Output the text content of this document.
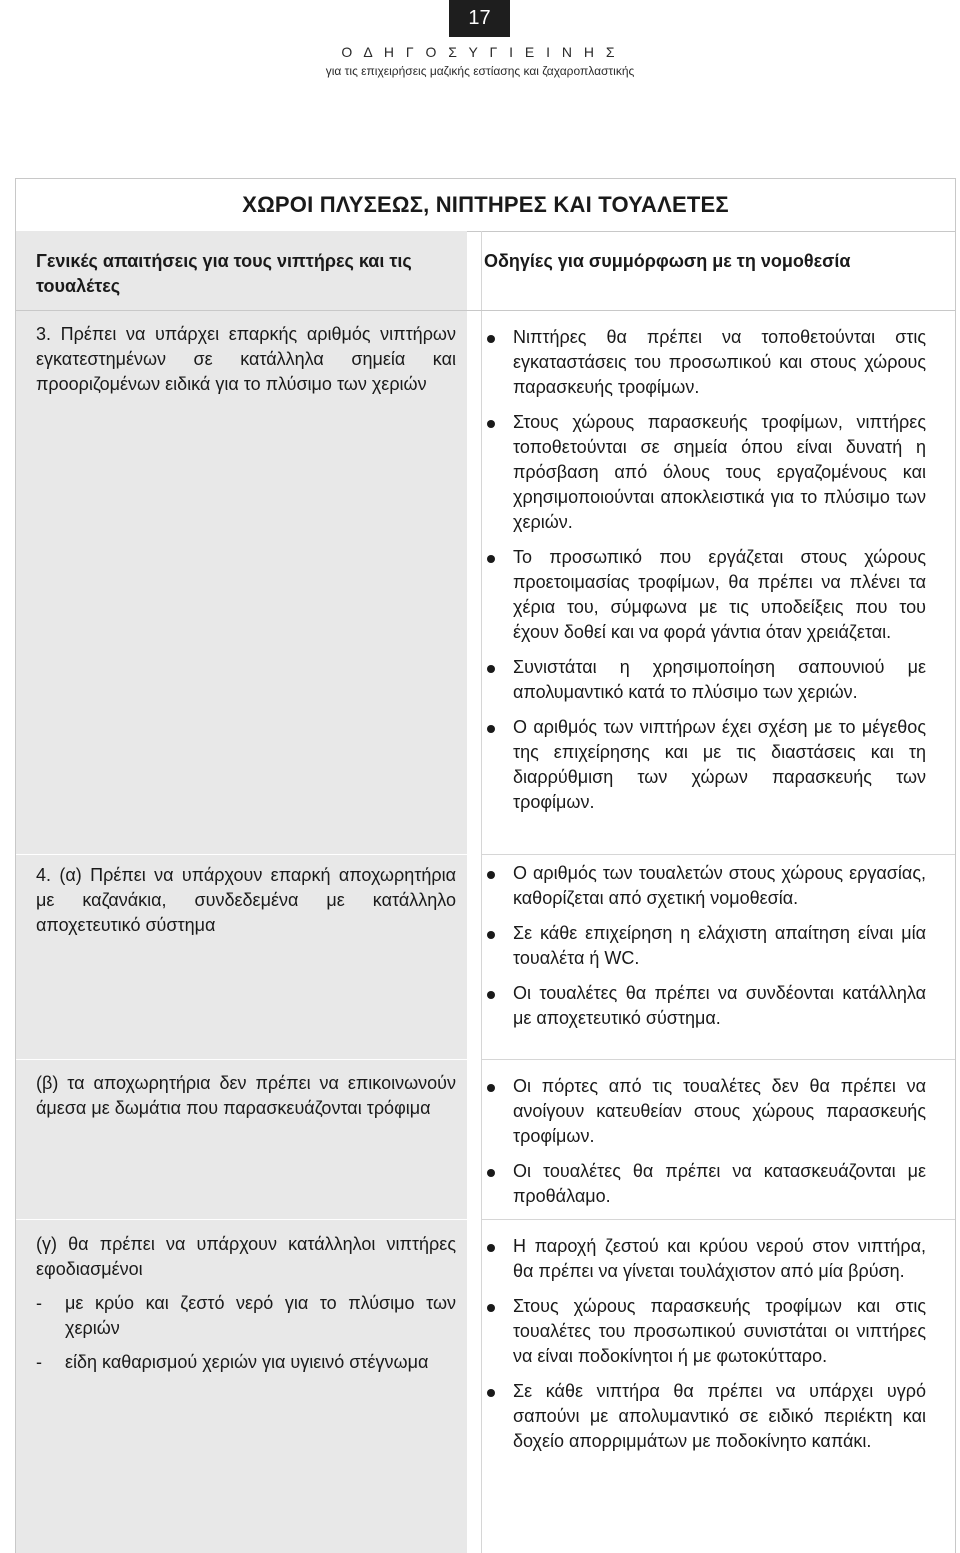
17
Ο Δ Η Γ Ο Σ Υ Γ Ι Ε Ι Ν Η Σ
για τις επιχειρήσεις μαζικής εστίασης και ζαχαροπλαστικής
ΧΩΡΟΙ ΠΛΥΣΕΩΣ, ΝΙΠΤΗΡΕΣ ΚΑΙ ΤΟΥΑΛΕΤΕΣ
Γενικές απαιτήσεις για τους νιπτήρες και τις τουαλέτες
Οδηγίες για συμμόρφωση με τη νομοθεσία
3. Πρέπει να υπάρχει επαρκής αριθμός νιπτήρων εγκατεστημένων σε κατάλληλα σημεία και προοριζομένων ειδικά για το πλύσιμο των χεριών
4. (α) Πρέπει να υπάρχουν επαρκή αποχωρητήρια με καζανάκια, συνδεδεμένα με κατάλληλο αποχετευτικό σύστημα
(β) τα αποχωρητήρια δεν πρέπει να επικοινωνούν άμεσα με δωμάτια που παρασκευάζονται τρόφιμα
(γ) θα πρέπει να υπάρχουν κατάλληλοι νιπτήρες εφοδιασμένοι
-	με κρύο και ζεστό νερό για το πλύσιμο των χεριών
-	είδη καθαρισμού χεριών για υγιεινό στέγνωμα
Νιπτήρες θα πρέπει να τοποθετούνται στις εγκαταστάσεις του προσωπικού και στους χώρους παρασκευής τροφίμων.
Στους χώρους παρασκευής τροφίμων, νιπτήρες τοποθετούνται σε σημεία όπου είναι δυνατή η πρόσβαση από όλους τους εργαζομένους και χρησιμοποιούνται αποκλειστικά για το πλύσιμο των χεριών.
Το προσωπικό που εργάζεται στους χώρους προετοιμασίας τροφίμων, θα πρέπει να πλένει τα χέρια του, σύμφωνα με τις υποδείξεις που του έχουν δοθεί και να φορά γάντια όταν χρειάζεται.
Συνιστάται η χρησιμοποίηση σαπουνιού με απολυμαντικό κατά το πλύσιμο των χεριών.
Ο αριθμός των νιπτήρων έχει σχέση με το μέγεθος της επιχείρησης και με τις διαστάσεις και τη διαρρύθμιση των χώρων παρασκευής των τροφίμων.
Ο αριθμός των τουαλετών στους χώρους εργασίας, καθορίζεται από σχετική νομοθεσία.
Σε κάθε επιχείρηση η ελάχιστη απαίτηση είναι μία τουαλέτα ή WC.
Οι τουαλέτες θα πρέπει να συνδέονται κατάλληλα με αποχετευτικό σύστημα.
Οι πόρτες από τις τουαλέτες δεν θα πρέπει να ανοίγουν κατευθείαν στους χώρους παρασκευής τροφίμων.
Οι τουαλέτες θα πρέπει να κατασκευάζονται με προθάλαμο.
Η παροχή ζεστού και κρύου νερού στον νιπτήρα, θα πρέπει να γίνεται τουλάχιστον από μία βρύση.
Στους χώρους παρασκευής τροφίμων και στις τουαλέτες του προσωπικού συνιστάται οι νιπτήρες να είναι ποδοκίνητοι ή με φωτοκύτταρο.
Σε κάθε νιπτήρα θα πρέπει να υπάρχει υγρό σαπούνι με απολυμαντικό σε ειδικό περιέκτη και δοχείο απορριμμάτων με ποδοκίνητο καπάκι.
